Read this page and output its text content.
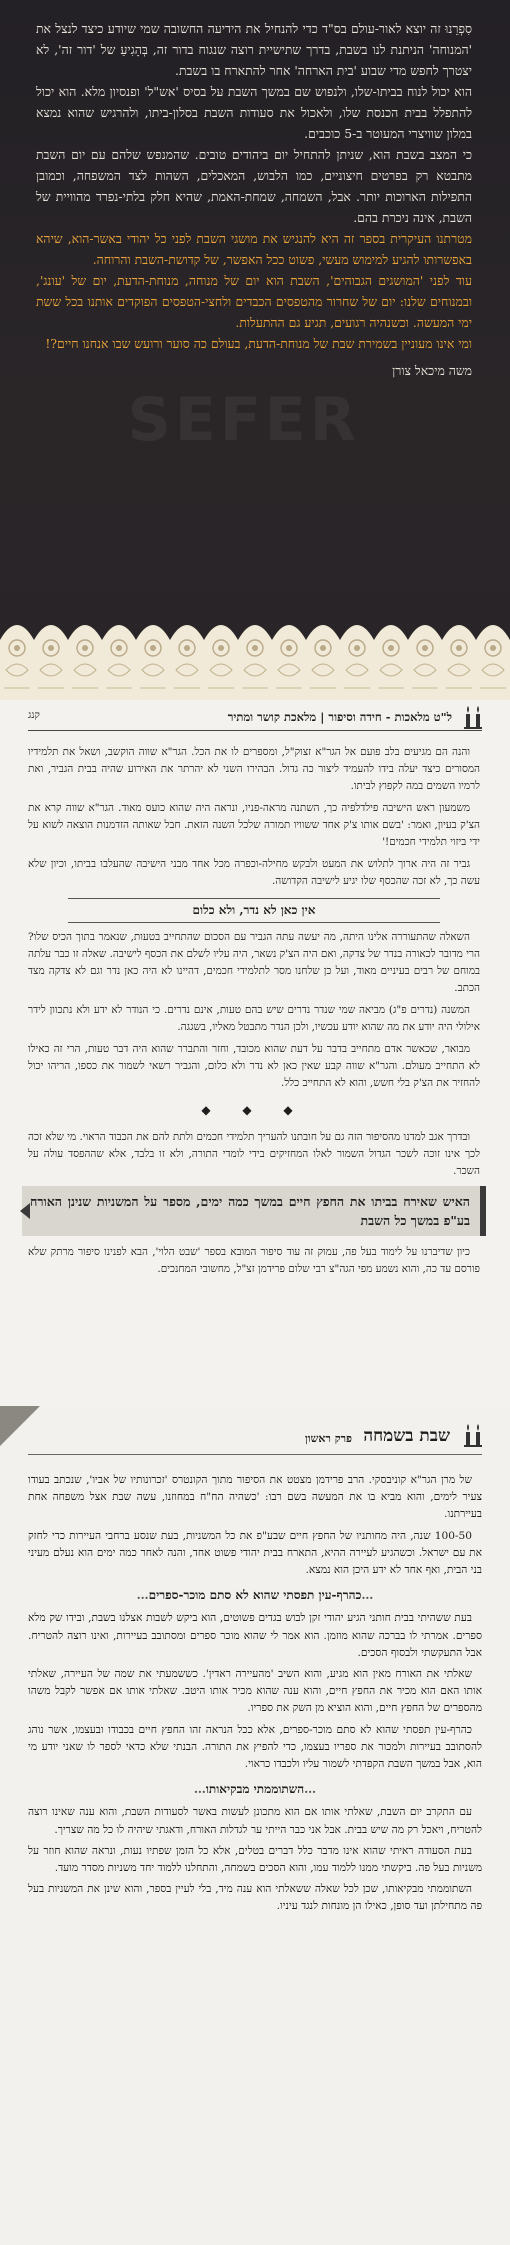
SEFER

סִפְרֵנוּ זה יוצא לאור-עולם בס"ד כדי להנחיל את הידיעה החשובה שמי שיודע כיצד לנצל את 'המנוחה' הניתנת לנו בשבת, בדרך שתישיית רוצה שנגוח בדור זה, בְּהָגִיעַ של 'דור זה', לא יצטרך לחפש מדי שבוע 'בית הארחה' אחר להתארח בו בשבת.

הוא יכול לנוח בביתו-שלו, ולנפוש שם במשך השבת על בסיס 'אש"ל' ופנסיון מלא. הוא יכול להתפלל בבית הכנסת שלו, ולאכול את סעודות השבת בסלון-ביתו, ולהרגיש שהוא נמצא במלון שוויצרי המעוטר ב-5 כוכבים.

כי המצב בשבת הוא, שניתן להתחיל יום ביהודים טובים. שהמנפש שלהם עם יום השבת מתבטא רק בפרטים חיצוניים, כמו הלבוש, המאכלים, השהות לצד המשפחה, וכמובן התפילות הארוכות יותר. אבל, השמחה, שמחת-האמת, שהיא חלק בלתי-נפרד מהוויית של השבת, אינה ניכרת בהם.

מטרתנו העיקרית בספר זה היא להנגיש את מושגי השבת לפני כל יהודי באשר-הוא, שיהא באפשרותו להגיע למימוש מעשי, פשוט ככל האפשר, של קדושת-השבת והרוחה.

עוד לפני 'המושגים הגבוהים', השבת הוא יום של מנוחה, מנוחת-הדעת, יום של 'עונג', ובמנוחים שלנו: יום של שחרור מהטפסים הכבדים ולחצי-הטפסים הפוקדים אותנו בכל ששת ימי המעשה. וכשנהיה רגועים, תגיע גם ההתעלות.

ומי אינו מעוניין בשמירת שבת של מנוחת-הדעת, בעולם כה סוער ורועש שבו אנחנו חיים?!

משה מיכאל צורן

ל"ט מלאכות - חידה וסיפור | מלאכת קושר ומתיר
קנג

והנה הם מגיעים בלב פועם אל הגר"א זצוק"ל, ומספרים לו את הכל. הגר"א שווה הוקשב, ושאל את תלמידיו המסורים כיצד יעלה בידו להעמיד ליצור כה גדול. הבהירו השני לא יהרתר את האירוע שהיה בבית הגביר, ואת לרמיו השמים במה לקפוץ לביתו.

משמעון ראש הישיבה פילדלפיה כך, השתנה מראה-פניו, ונראה היה שהוא כועס מאוד. הגר"א שווה קרא את הצ'ק בעיון, ואמר: 'בשם אותו צ'ק אחד ששוויו תמורה שלכל השנה הזאת. חבל שאותה הזדמנות הוצאה לשוא על ידי ביזוי תלמידי חכמים!'

גביר זה היה ארוך לתלוש את המעט ולבקש מחילה-וכפרה מכל אחד מבני הישיבה שהעלבו בביתו, וכיון שלא עשה כך, לא זכה שהכסף שלו יגיע לישיבה הקדושה.

אין כאן לא נדר, ולא כלום

השאלה שהתעוררה אלינו היתה, מה יעשה עתה הגביר עם הסכום שהתחייב בטעות, שנאמר בתוך הכיס שלו? הרי מדובר לכאורה בנדר של צדקה, ואם היה הצ'ק נשאר, היה עליו לשלם את הכסף לישיבה. שאלה זו כבר עלתה במוחם של רבים בעיניים מאוד, ועל כן שלחנו מסר לתלמידי חכמים, דהיינו לא היה כאן נדר וגם לא צדקה מצד הכתב.

המשנה (נדרים פ"ג) מביאה שמי שנדר נדרים שיש בהם טעות, אינם נדרים. כי הנודר לא ידע ולא נתכוון לידר אילולי היה יודע את מה שהוא יודע עכשיו, ולכן הנדר מתבטל מאליו, בשגגה.

מבואר, שכאשר אדם מתחייב בדבר על דעת שהוא מכובד, וחזר והתברר שהוא היה דבר טעות, הרי זה כאילו לא התחייב מעולם. והגר"א שווה קבע שאין כאן לא נדר ולא כלום, והגביר רשאי לשמור את כספו, הריהו יכול להחזיר את הצ'ק בלי חשש, והוא לא התחייב כלל.

◆ ◆ ◆

ובדרך אגב למדנו מהסיפור הזה גם על חובתנו להעריך תלמידי חכמים ולתת להם את הכבוד הראוי. מי שלא זכה לכך אינו זוכה לשכר הגדול השמור לאלו המחזיקים בידי לומדי התורה, ולא זו בלבד, אלא שההפסד עולה על השכר.

האיש שאירח בביתו את החפץ חיים במשך כמה ימים, מספר על המשניות שנינן האורח בע"פ במשך כל השבת

כיון שדיברנו על לימוד בעל פה, עמוק זה עוד סיפור המובא בספר 'שבט הלוי', הבא לפנינו סיפור מרתק שלא פורסם עד כה, והוא נשמע מפי הגה"צ רבי שלום פרידמן זצ"ל, מחשובי המחנכים.

שבת בשמחה
פרק ראשון

של מרן הגר"א קוניבסקי. הרב פרידמן מצטט את הסיפור מתוך הקונטרס 'זכרונותיו של אביו', שנכתב בעודו צעיר לימים, והוא מביא בו את המעשה בשם רבו: 'כשהיה הח"ח במחוזנו, עשה שבת אצל משפחה אחת בעיירתנו.

100-50 שנה, היה מחותניו של החפץ חיים שבע"פ את כל המשניות, בעת שנסע ברחבי העיירות כדי לחזק את עם ישראל. וכשהגיע לעיירה ההיא, התארח בבית יהודי פשוט אחד, והנה לאחר כמה ימים הוא נעלם מעיני בני הבית, ואף אחד לא ידע היכן הוא נמצא.

… כהרף-עין תפסתי שהוא לא סתם מוכר-ספרים …

בעת ששהיתי בבית חותני הגיע יהודי זקן לבוש בגדים פשוטים, הוא ביקש לשבות אצלנו בשבת, ובידו שק מלא ספרים. אמרתי לו בברכה שהוא מוזמן. הוא אמר לי שהוא מוכר ספרים ומסתובב בעיירות, ואינו רוצה להטריח. אבל התעקשתי ולבסוף הסכים.

שאלתי את האורח מאין הוא מגיע, והוא השיב 'מהעיירה ראדין'. כששמעתי את שמה של העיירה, שאלתי אותו האם הוא מכיר את החפץ חיים, והוא ענה שהוא מכיר אותו היטב. שאלתי אותו אם אפשר לקבל משהו מהספרים של החפץ חיים, והוא הוציא מן השק את ספריו.

כהרף-עין תפסתי שהוא לא סתם מוכר-ספרים, אלא ככל הנראה זהו החפץ חיים בכבודו ובעצמו, אשר נוהג להסתובב בעיירות ולמכור את ספריו בעצמו, כדי להפיץ את התורה. הבנתי שלא כדאי לספר לו שאני יודע מי הוא, אבל במשך השבת הקפדתי לשמור עליו ולכבדו כראוי.

… השתוממתי מבקיאותו …

עם התקרב יום השבת, שאלתי אותו אם הוא מתכונן לעשות באשר לסעודות השבת, והוא ענה שאינו רוצה להטריח, ויאכל רק מה שיש בבית. אבל אני כבר הייתי ער לגדלות האורח, ודאגתי שיהיה לו כל מה שצריך.

בעת הסעודה ראיתי שהוא אינו מדבר כלל דברים בטלים, אלא כל הזמן שפתיו נעות, ונראה שהוא חוזר על משניות בעל פה. ביקשתי ממנו ללמוד עמו, והוא הסכים בשמחה, והתחלנו ללמוד יחד משניות מסדר מועד.

השתוממתי מבקיאותו, שכן לכל שאלה ששאלתי הוא ענה מיד, בלי לעיין בספר, והוא שינן את המשניות בעל פה מתחילתן ועד סופן, כאילו הן מונחות לנגד עיניו.
